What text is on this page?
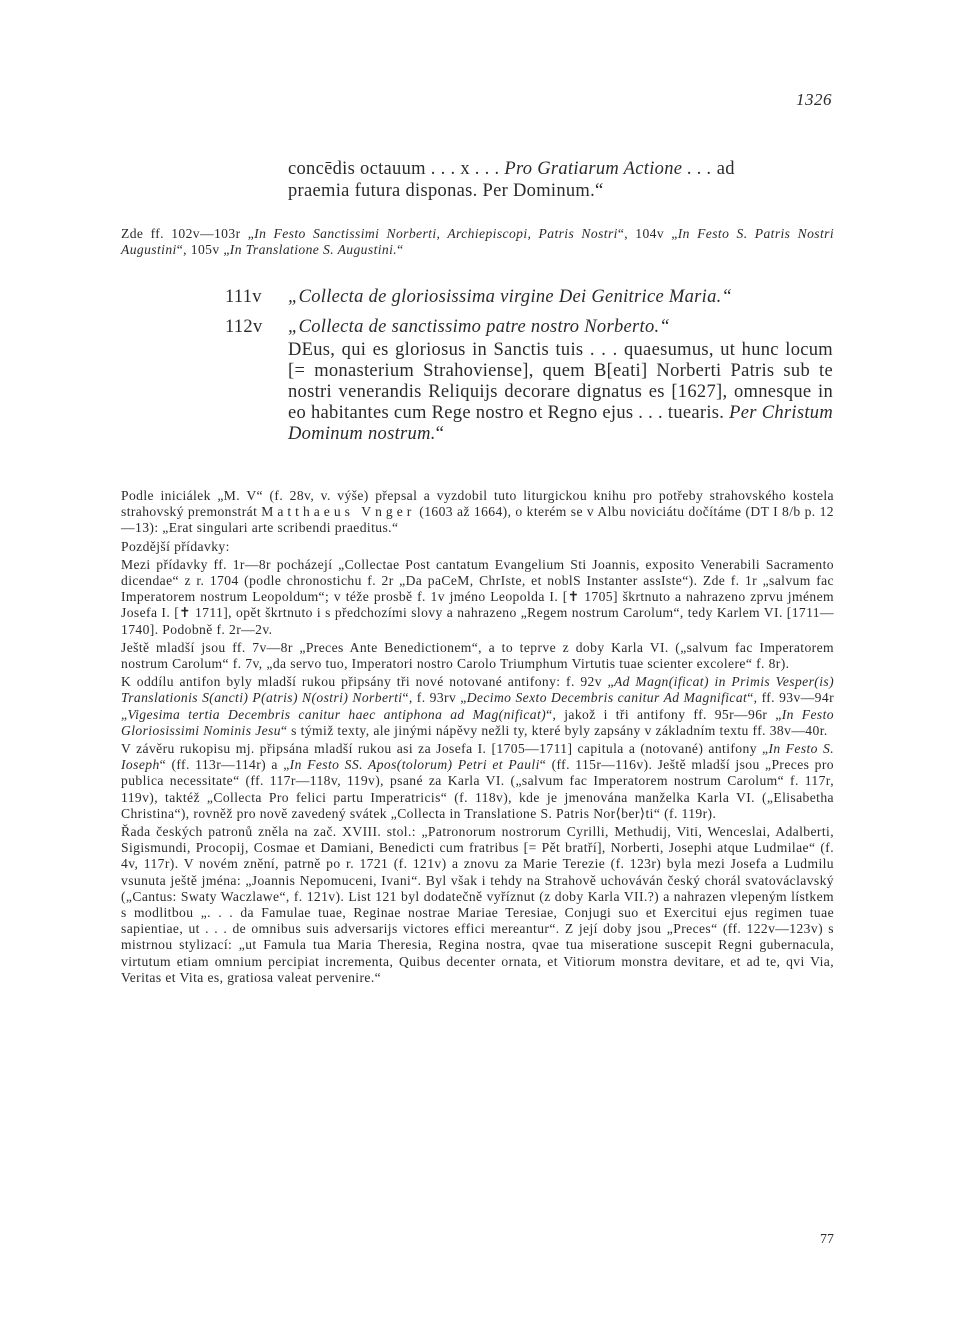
1326
concēdis octauum . . . x . . . Pro Gratiarum Actione . . . ad
praemia futura disponas. Per Dominum.“
Zde ff. 102v—103r „In Festo Sanctissimi Norberti, Archiepiscopi, Patris Nostri“, 104v „In Festo S. Patris Nostri Augustini“, 105v „In Translatione S. Augustini.“
111v „Collecta de gloriosissima virgine Dei Genitrice Maria.“
112v „Collecta de sanctissimo patre nostro Norberto.“
DEus, qui es gloriosus in Sanctis tuis . . . quaesumus, ut hunc locum [= monasterium Strahoviense], quem B[eati] Norberti Patris sub te nostri venerandis Reliquijs decorare dignatus es [1627], omnesque in eo habitantes cum Rege nostro et Regno ejus . . . tuearis. Per Christum Dominum nostrum.“

Podle iniciálek „M. V“ (f. 28v, v. výše) přepsal a vyzdobil tuto liturgickou knihu pro potřeby strahovského kostela strahovský premonstrát Matthaeus Vnger (1603 až 1664), o kterém se v Albu noviciátu dočítáme (DT I 8/b p. 12—13): „Erat singulari arte scribendi praeditus.“

Pozdější přídavky:

Mezi přídavky ff. 1r—8r pocházejí „Collectae Post cantatum Evangelium Sti Joannis, exposito Venerabili Sacramento dicendae“ z r. 1704 (podle chronostichu f. 2r „Da paCeM, ChrIste, et noblS Instanter assIste“). Zde f. 1r „salvum fac Imperatorem nostrum Leopoldum“; v téže prosbě f. 1v jméno Leopolda I. [✝ 1705] škrtnuto a nahrazeno zprvu jménem Josefa I. [✝ 1711], opět škrtnuto i s předchozími slovy a nahrazeno „Regem nostrum Carolum“, tedy Karlem VI. [1711—1740]. Podobně f. 2r—2v.

Ještě mladší jsou ff. 7v—8r „Preces Ante Benedictionem“, a to teprve z doby Karla VI. („salvum fac Imperatorem nostrum Carolum“ f. 7v, „da servo tuo, Imperatori nostro Carolo Triumphum Virtutis tuae scienter excolere“ f. 8r).

K oddílu antifon byly mladší rukou připsány tři nové notované antifony: f. 92v „Ad Magn(ificat) in Primis Vesper(is) Translationis S(ancti) P(atris) N(ostri) Norberti“, f. 93rv „Decimo Sexto Decembris canitur Ad Magnificat“, ff. 93v—94r „Vigesima tertia Decembris canitur haec antiphona ad Mag(nificat)“, jakož i tři antifony ff. 95r—96r „In Festo Gloriosissimi Nominis Jesu“ s týmiž texty, ale jinými nápěvy nežli ty, které byly zapsány v základním textu ff. 38v—40r.

V závěru rukopisu mj. připsána mladší rukou asi za Josefa I. [1705—1711] capitula a (notované) antifony „In Festo S. Ioseph“ (ff. 113r—114r) a „In Festo SS. Apos(tolorum) Petri et Pauli“ (ff. 115r—116v). Ještě mladší jsou „Preces pro publica necessitate“ (ff. 117r—118v, 119v), psané za Karla VI. („salvum fac Imperatorem nostrum Carolum“ f. 117r, 119v), taktéž „Collecta Pro felici partu Imperatricis“ (f. 118v), kde je jmenována manželka Karla VI. („Elisabetha Christina“), rovněž pro nově zavedený svátek „Collecta in Translatione S. Patris Nor⟨ber⟩ti“ (f. 119r).

Řada českých patronů zněla na zač. XVIII. stol.: „Patronorum nostrorum Cyrilli, Methudij, Viti, Wenceslai, Adalberti, Sigismundi, Procopij, Cosmae et Damiani, Benedicti cum fratribus [= Pět bratří], Norberti, Josephi atque Ludmilae“ (f. 4v, 117r). V novém znění, patrně po r. 1721 (f. 121v) a znovu za Marie Terezie (f. 123r) byla mezi Josefa a Ludmilu vsunuta ještě jména: „Joannis Nepomuceni, Ivani“. Byl však i tehdy na Strahově uchováván český chorál svatováclavský („Cantus: Swaty Waczlawe“, f. 121v). List 121 byl dodatečně vyříznut (z doby Karla VII.?) a nahrazen vlepeným lístkem s modlitbou „. . . da Famulae tuae, Reginae nostrae Mariae Teresiae, Conjugi suo et Exercitui ejus regimen tuae sapientiae, ut . . . de omnibus suis adversarijs victores effici mereantur“. Z její doby jsou „Preces“ (ff. 122v—123v) s mistrnou stylizací: „ut Famula tua Maria Theresia, Regina nostra, qvae tua miseratione suscepit Regni gubernacula, virtutum etiam omnium percipiat incrementa, Quibus decenter ornata, et Vitiorum monstra devitare, et ad te, qvi Via, Veritas et Vita es, gratiosa valeat pervenire.“

77
